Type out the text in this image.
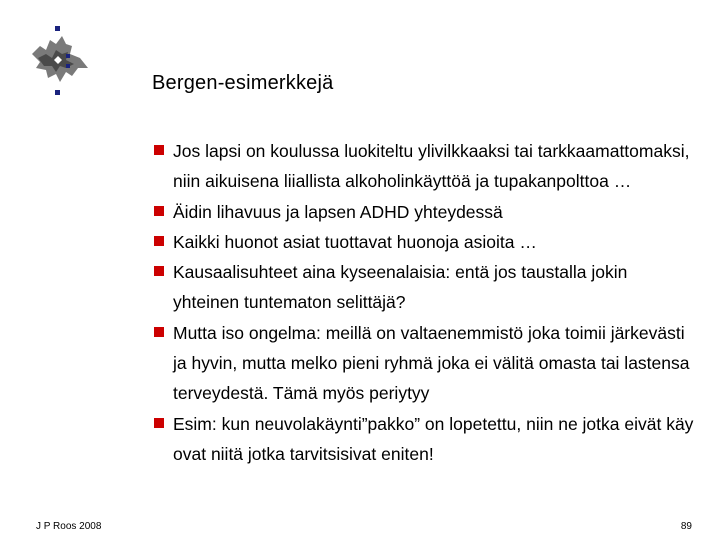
Bergen-esimerkkejä
Jos lapsi on koulussa luokiteltu ylivilkkaaksi tai tarkkaamattomaksi, niin aikuisena liiallista alkoholinkäyttöä ja tupakanpolttoa …
Äidin lihavuus ja lapsen ADHD yhteydessä
Kaikki huonot asiat tuottavat huonoja asioita …
Kausaalisuhteet aina kyseenalaisia: entä jos taustalla jokin yhteinen tuntematon selittäjä?
Mutta iso ongelma: meillä on valtaenemmistö joka toimii järkevästi ja hyvin, mutta melko pieni ryhmä joka ei välitä omasta tai lastensa terveydestä. Tämä myös periytyy
Esim: kun neuvolakäynti”pakko” on lopetettu, niin ne jotka eivät käy ovat niitä jotka tarvitsisivat eniten!
J P Roos 2008	89
